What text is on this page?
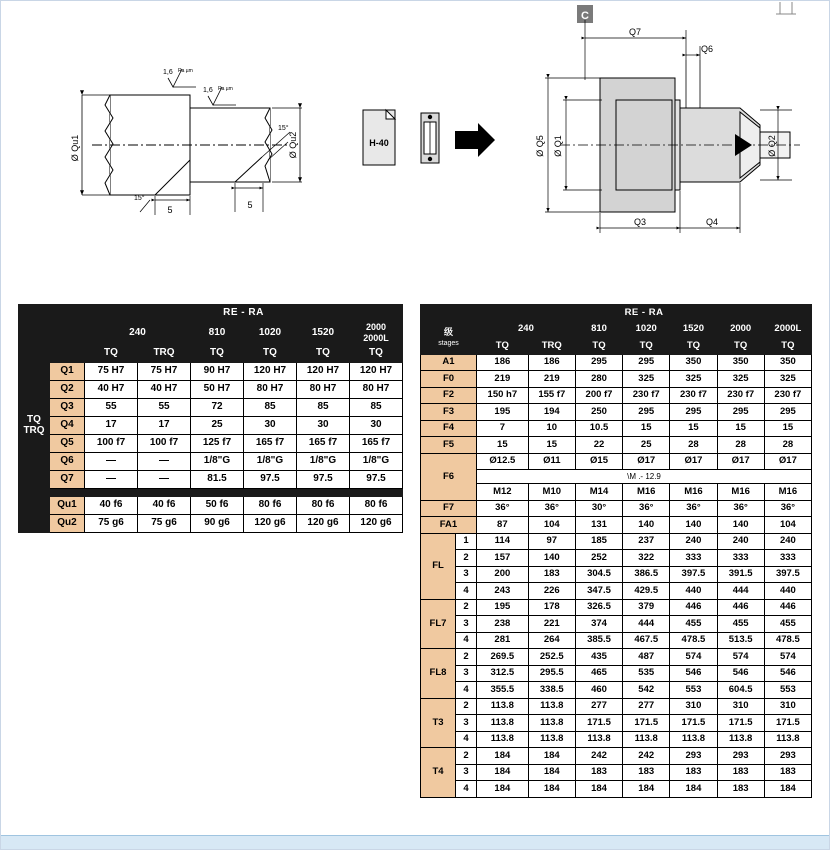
Ø Qu1	Ø Qu2
1,6 Ra µm
1,6 Ra µm
15°
15°
5	5
H-40
C
Q7
Q6
Ø Q5 Ø Q1	Ø Q2
Q3	Q4
		RE - RA					

		240		810	1020	1520	2000
2000L
		TQ	TRQ	TQ	TQ	TQ	TQ
TQ
TRQ	Q1	75 H7	75 H7	90 H7	120 H7	120 H7	120 H7
	Q2	40 H7	40 H7	50 H7	80 H7	80 H7	80 H7
	Q3	55	55	72	85	85	85
	Q4	17	17	25	30	30	30
	Q5	100 f7	100 f7	125 f7	165 f7	165 f7	165 f7
	Q6	—	—	1/8"G	1/8"G	1/8"G	1/8"G
	Q7	—	—	81.5	97.5	97.5	97.5

	Qu1	40 f6	40 f6	50 f6	80 f6	80 f6	80 f6
	Qu2	75 g6	75 g6	90 g6	120 g6	120 g6	120 g6
		RE - RA						
级
stages		240		810	1020	1520	2000	2000L
		TQ	TRQ	TQ	TQ	TQ	TQ	TQ
A1		186	186	295	295	350	350	350
F0		219	219	280	325	325	325	325
F2		150 h7	155 f7	200 f7	230 f7	230 f7	230 f7	230 f7
F3		195	194	250	295	295	295	295
F4		7	10	10.5	15	15	15	15
F5		15	15	22	25	28	28	28
F6		Ø12.5	Ø11	Ø15	Ø17	Ø17	Ø17	Ø17
		\M .- 12.9						
		M12	M10	M14	M16	M16	M16	M16
F7		36°	36°	30°	36°	36°	36°	36°
FA1		87	104	131	140	140	140	104
FL	1	114	97	185	237	240	240	240
	2	157	140	252	322	333	333	333
	3	200	183	304.5	386.5	397.5	391.5	397.5
	4	243	226	347.5	429.5	440	444	440
FL7	2	195	178	326.5	379	446	446	446
	3	238	221	374	444	455	455	455
	4	281	264	385.5	467.5	478.5	513.5	478.5
FL8	2	269.5	252.5	435	487	574	574	574
	3	312.5	295.5	465	535	546	546	546
	4	355.5	338.5	460	542	553	604.5	553
T3	2	113.8	113.8	277	277	310	310	310
	3	113.8	113.8	171.5	171.5	171.5	171.5	171.5
	4	113.8	113.8	113.8	113.8	113.8	113.8	113.8
T4	2	184	184	242	242	293	293	293
	3	184	184	183	183	183	183	183
	4	184	184	184	184	184	183	184
